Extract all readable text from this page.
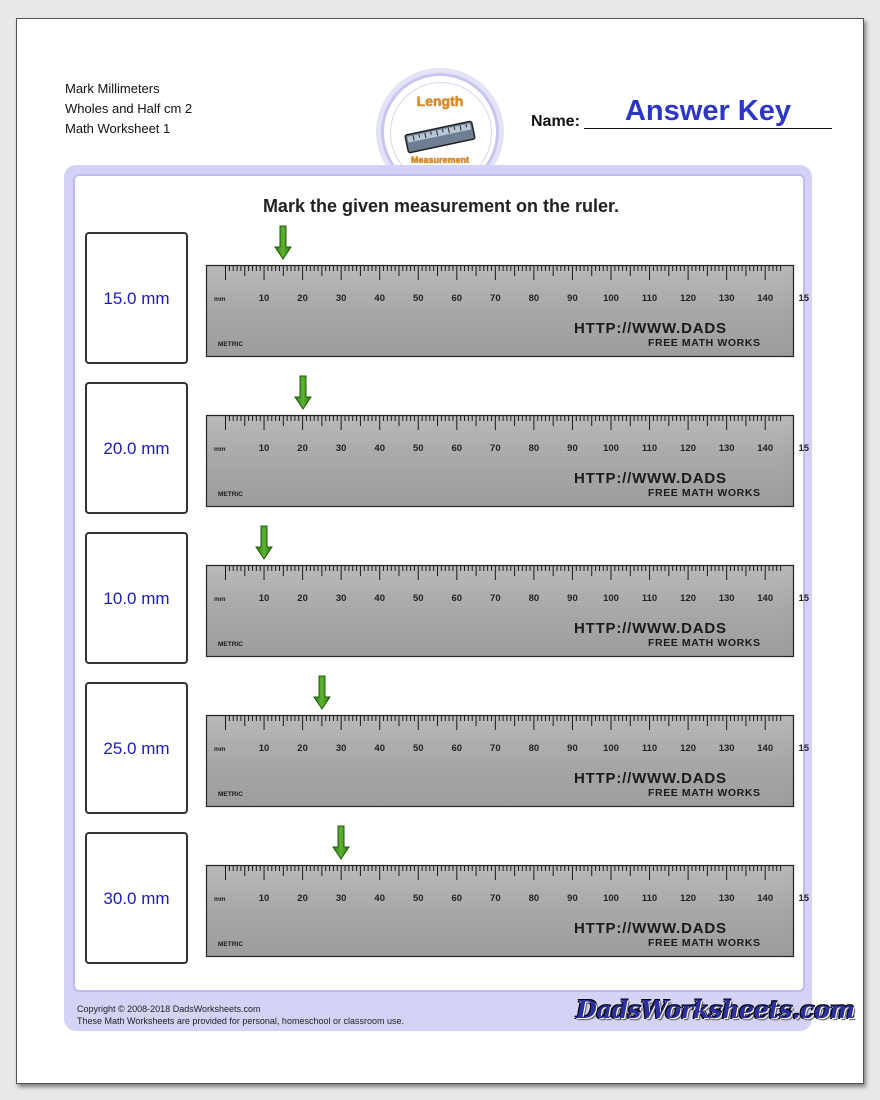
Mark Millimeters
Wholes and Half cm 2
Math Worksheet 1
Length
Measurement
Answer Key
Name:
Mark the given measurement on the ruler.
15.0 mm	mm	10	20	30	40	50	60	70	80	90	100 110 120 130 140	15
HTTP://WWW.DADS
FREE MATH WORKS
METRIC
20.0 mm	mm	10	20	30	40	50	60	70	80	90	100 110 120 130 140	15
HTTP://WWW.DADS
FREE MATH WORKS
METRIC
10.0 mm	mm	10	20	30	40	50	60	70	80	90	100 110 120 130 140	15
HTTP://WWW.DADS
FREE MATH WORKS
METRIC
25.0 mm	mm	10	20	30	40	50	60	70	80	90	100 110 120 130 140	15
HTTP://WWW.DADS
FREE MATH WORKS
METRIC
30.0 mm	mm	10	20	30	40	50	60	70	80	90	100 110 120 130 140	15
HTTP://WWW.DADS
FREE MATH WORKS
METRIC
Copyright © 2008-2018 DadsWorksheets.com
These Math Worksheets are provided for personal, homeschool or classroom use.	DadsWorksheets.com
